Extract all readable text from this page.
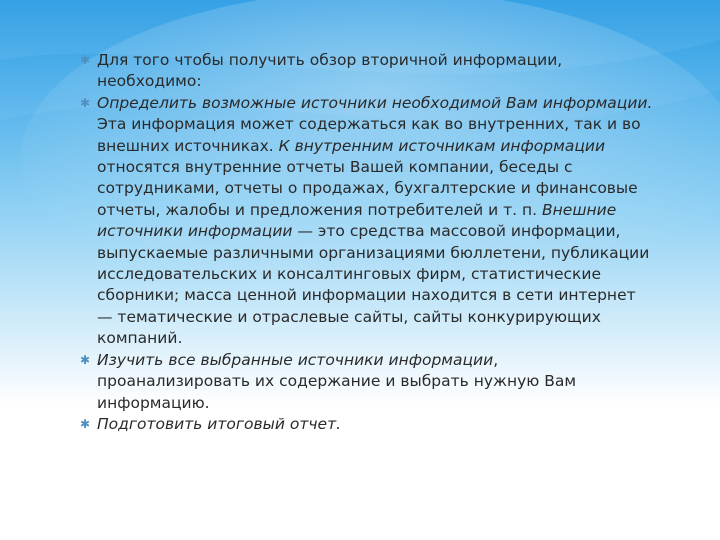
✱ Для того чтобы получить обзор вторичной информации, необходимо:
✱ Определить возможные источники необходимой Вам информации. Эта информация может содержаться как во внутренних, так и во внешних источниках. К внутренним источникам информации относятся внутренние отчеты Вашей компании, беседы с сотрудниками, отчеты о продажах, бухгалтерские и финансовые отчеты, жалобы и предложения потребителей и т. п. Внешние источники информации — это средства массовой информации, выпускаемые различными организациями бюллетени, публикации исследовательских и консалтинговых фирм, статистические сборники; масса ценной информации находится в сети интернет — тематические и отраслевые сайты, сайты конкурирующих компаний.
✱ Изучить все выбранные источники информации, проанализировать их содержание и выбрать нужную Вам информацию.
✱ Подготовить итоговый отчет.
